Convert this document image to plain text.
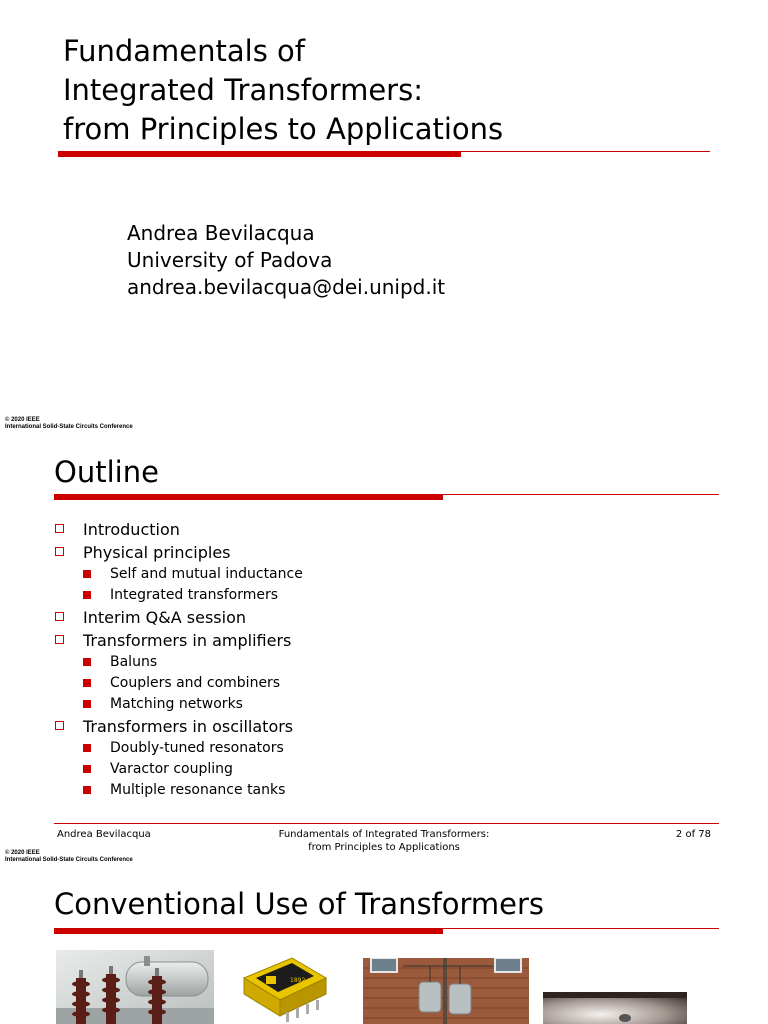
Fundamentals of
Integrated Transformers:
from Principles to Applications
Andrea Bevilacqua
University of Padova
andrea.bevilacqua@dei.unipd.it
© 2020 IEEE
International Solid-State Circuits Conference
Outline
Introduction
Physical principles
Self and mutual inductance
Integrated transformers
Interim Q&A session
Transformers in amplifiers
Baluns
Couplers and combiners
Matching networks
Transformers in oscillators
Doubly-tuned resonators
Varactor coupling
Multiple resonance tanks
Andrea Bevilacqua	Fundamentals of Integrated Transformers:
from Principles to Applications
2 of 78
© 2020 IEEE
International Solid-State Circuits Conference
Conventional Use of Transformers
1892
